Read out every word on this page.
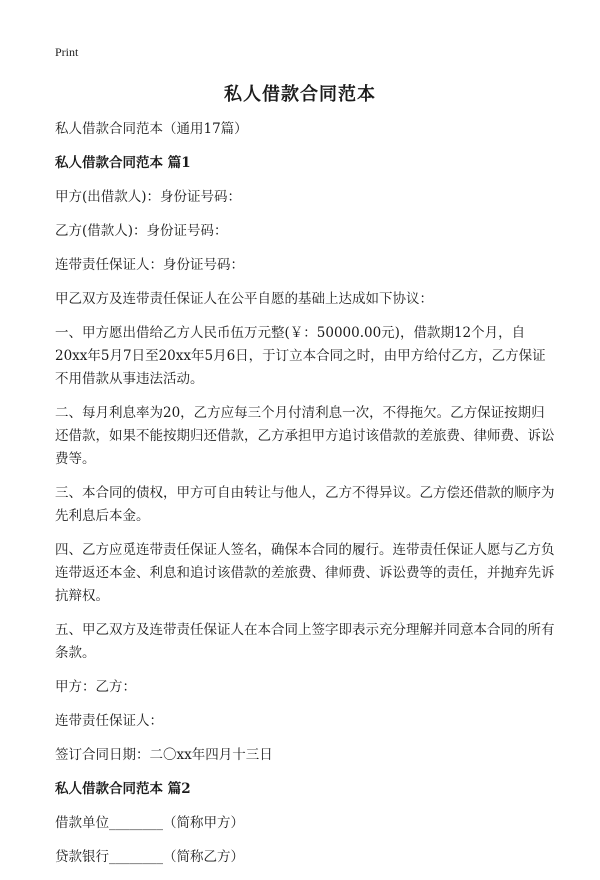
Print
私人借款合同范本

私人借款合同范本（通用17篇）

私人借款合同范本 篇1

甲方(出借款人)：身份证号码：

乙方(借款人)：身份证号码：

连带责任保证人：身份证号码：

甲乙双方及连带责任保证人在公平自愿的基础上达成如下协议：

一、甲方愿出借给乙方人民币伍万元整(￥：50000.00元)，借款期12个月，自20xx年5月7日至20xx年5月6日，于订立本合同之时，由甲方给付乙方，乙方保证不用借款从事违法活动。

二、每月利息率为20，乙方应每三个月付清利息一次，不得拖欠。乙方保证按期归还借款，如果不能按期归还借款，乙方承担甲方追讨该借款的差旅费、律师费、诉讼费等。

三、本合同的债权，甲方可自由转让与他人，乙方不得异议。乙方偿还借款的顺序为先利息后本金。

四、乙方应觅连带责任保证人签名，确保本合同的履行。连带责任保证人愿与乙方负连带返还本金、利息和追讨该借款的差旅费、律师费、诉讼费等的责任，并抛弃先诉抗辩权。

五、甲乙双方及连带责任保证人在本合同上签字即表示充分理解并同意本合同的所有条款。

甲方：乙方：

连带责任保证人：

签订合同日期：二〇xx年四月十三日

私人借款合同范本 篇2

借款单位________（简称甲方）

贷款银行________（简称乙方）
